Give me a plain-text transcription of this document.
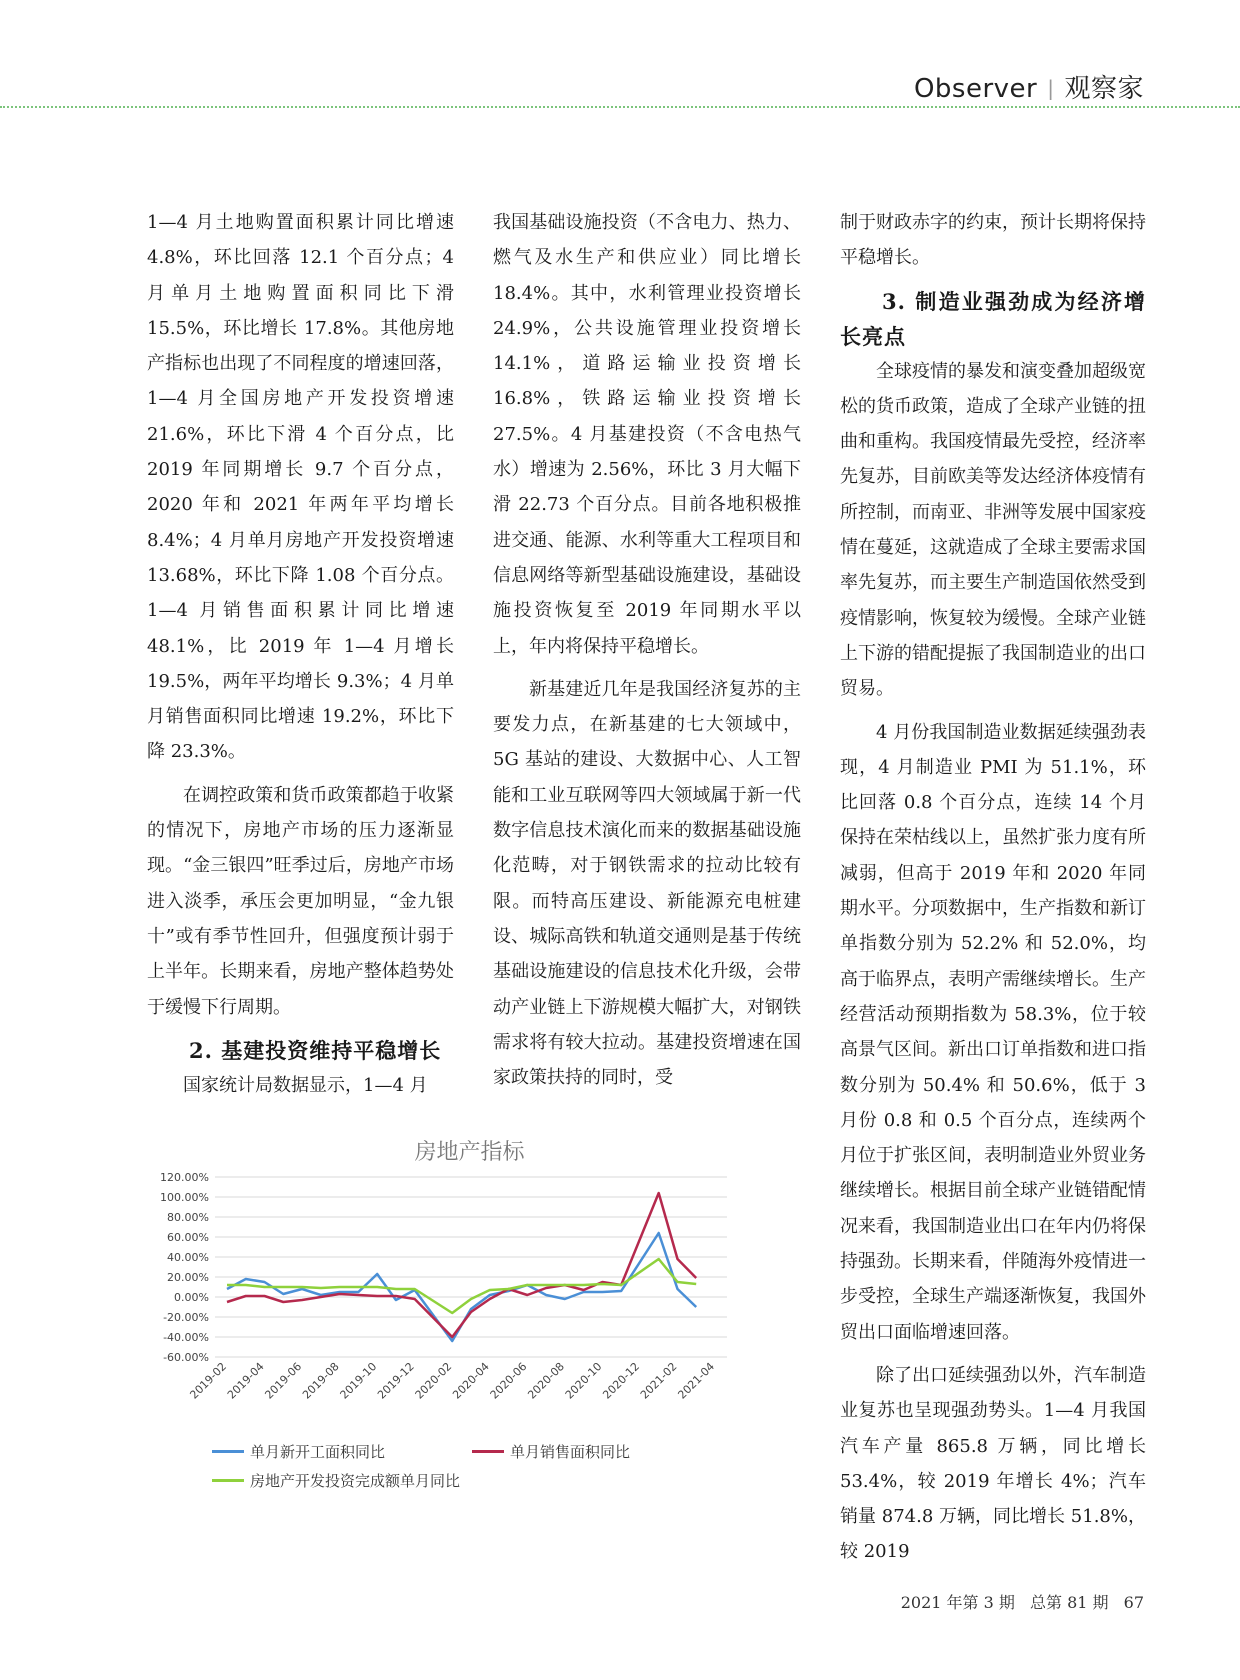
Observer | 观察家

1—4 月土地购置面积累计同比增速 4.8%，环比回落 12.1 个百分点；4 月单月土地购置面积同比下滑 15.5%，环比增长 17.8%。其他房地产指标也出现了不同程度的增速回落，1—4 月全国房地产开发投资增速 21.6%，环比下滑 4 个百分点，比 2019 年同期增长 9.7 个百分点，2020 年和 2021 年两年平均增长 8.4%；4 月单月房地产开发投资增速 13.68%，环比下降 1.08 个百分点。1—4 月销售面积累计同比增速 48.1%，比 2019 年 1—4 月增长 19.5%，两年平均增长 9.3%；4 月单月销售面积同比增速 19.2%，环比下降 23.3%。

在调控政策和货币政策都趋于收紧的情况下，房地产市场的压力逐渐显现。“金三银四”旺季过后，房地产市场进入淡季，承压会更加明显，“金九银十”或有季节性回升，但强度预计弱于上半年。长期来看，房地产整体趋势处于缓慢下行周期。

2. 基建投资维持平稳增长

国家统计局数据显示，1—4 月

我国基础设施投资（不含电力、热力、燃气及水生产和供应业）同比增长 18.4%。其中，水利管理业投资增长 24.9%，公共设施管理业投资增长 14.1%，道路运输业投资增长 16.8%，铁路运输业投资增长27.5%。4 月基建投资（不含电热气水）增速为 2.56%，环比 3 月大幅下滑 22.73 个百分点。目前各地积极推进交通、能源、水利等重大工程项目和信息网络等新型基础设施建设，基础设施投资恢复至 2019 年同期水平以上，年内将保持平稳增长。

新基建近几年是我国经济复苏的主要发力点，在新基建的七大领域中，5G 基站的建设、大数据中心、人工智能和工业互联网等四大领域属于新一代数字信息技术演化而来的数据基础设施化范畴，对于钢铁需求的拉动比较有限。而特高压建设、新能源充电桩建设、城际高铁和轨道交通则是基于传统基础设施建设的信息技术化升级，会带动产业链上下游规模大幅扩大，对钢铁需求将有较大拉动。基建投资增速在国家政策扶持的同时，受

制于财政赤字的约束，预计长期将保持平稳增长。

3. 制造业强劲成为经济增长亮点

全球疫情的暴发和演变叠加超级宽松的货币政策，造成了全球产业链的扭曲和重构。我国疫情最先受控，经济率先复苏，目前欧美等发达经济体疫情有所控制，而南亚、非洲等发展中国家疫情在蔓延，这就造成了全球主要需求国率先复苏，而主要生产制造国依然受到疫情影响，恢复较为缓慢。全球产业链上下游的错配提振了我国制造业的出口贸易。

4 月份我国制造业数据延续强劲表现，4 月制造业 PMI 为 51.1%，环比回落 0.8 个百分点，连续 14 个月保持在荣枯线以上，虽然扩张力度有所减弱，但高于 2019 年和 2020 年同期水平。分项数据中，生产指数和新订单指数分别为 52.2% 和 52.0%，均高于临界点，表明产需继续增长。生产经营活动预期指数为 58.3%，位于较高景气区间。新出口订单指数和进口指数分别为 50.4% 和 50.6%，低于 3 月份 0.8 和 0.5 个百分点，连续两个月位于扩张区间，表明制造业外贸业务继续增长。根据目前全球产业链错配情况来看，我国制造业出口在年内仍将保持强劲。长期来看，伴随海外疫情进一步受控，全球生产端逐渐恢复，我国外贸出口面临增速回落。

除了出口延续强劲以外，汽车制造业复苏也呈现强劲势头。1—4 月我国汽车产量 865.8 万辆，同比增长 53.4%，较 2019 年增长 4%；汽车销量 874.8 万辆，同比增长 51.8%，较 2019

房地产指标
120.00%
100.00%
80.00%
60.00%
40.00%
20.00%
0.00%
-20.00%
-40.00%
-60.00%
2019-02
2019-04
2019-06
2019-08
2019-10
2019-12
2020-02
2020-04
2020-06
2020-08
2020-10
2020-12
2021-02
2021-04
单月新开工面积同比	单月销售面积同比
房地产开发投资完成额单月同比
2021 年第 3 期 总第 81 期 67
